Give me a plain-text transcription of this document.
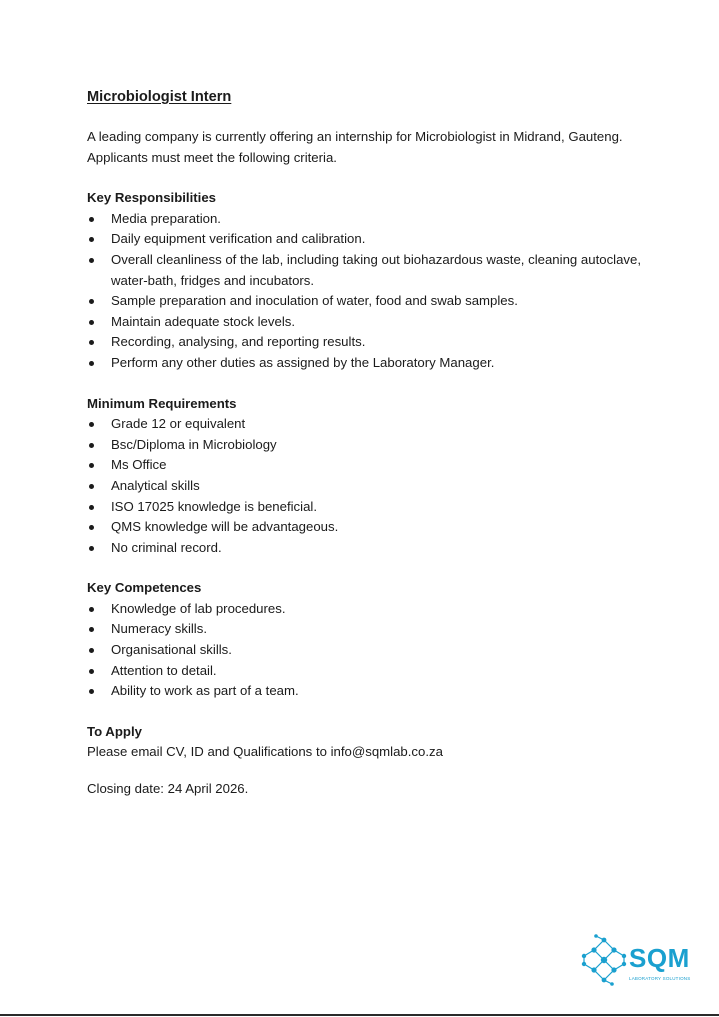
Microbiologist Intern
A leading company is currently offering an internship for Microbiologist in Midrand, Gauteng. Applicants must meet the following criteria.
Key Responsibilities
Media preparation.
Daily equipment verification and calibration.
Overall cleanliness of the lab, including taking out biohazardous waste, cleaning autoclave, water-bath, fridges and incubators.
Sample preparation and inoculation of water, food and swab samples.
Maintain adequate stock levels.
Recording, analysing, and reporting results.
Perform any other duties as assigned by the Laboratory Manager.
Minimum Requirements
Grade 12 or equivalent
Bsc/Diploma in Microbiology
Ms Office
Analytical skills
ISO 17025 knowledge is beneficial.
QMS knowledge will be advantageous.
No criminal record.
Key Competences
Knowledge of lab procedures.
Numeracy skills.
Organisational skills.
Attention to detail.
Ability to work as part of a team.
To Apply
Please email CV, ID and Qualifications to info@sqmlab.co.za
Closing date: 24 April 2026.
SQM
LABORATORY SOLUTIONS
